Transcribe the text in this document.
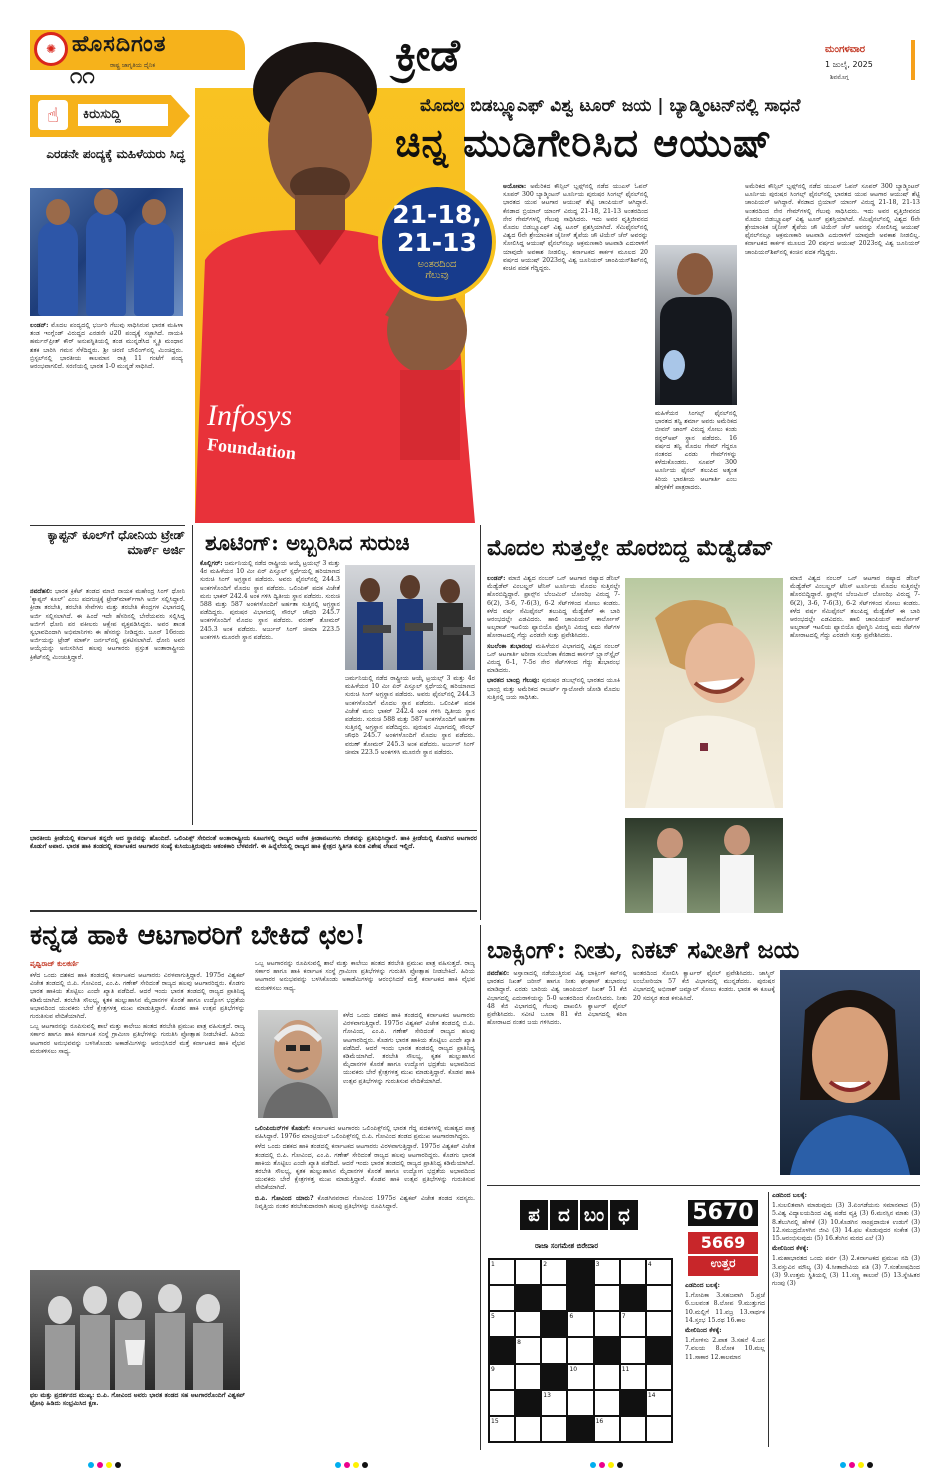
✺ ಹೊಸದಿಗಂತ
ರಾಷ್ಟ್ರ ಜಾಗೃತಿಯ ದೈನಿಕ
೧೧	ಕ್ರೀಡೆ	ಮಂಗಳವಾರ
1 ಜುಲೈ, 2025
ಶಿವಮೊಗ್ಗ
Infosys
Foundation
ಮೊದಲ ಬಿಡಬ್ಲ್ಯೂಎಫ್ ವಿಶ್ವ ಟೂರ್ ಜಯ | ಬ್ಯಾಡ್ಮಿಂಟನ್‌ನಲ್ಲಿ ಸಾಧನೆ
ಚಿನ್ನ ಮುಡಿಗೇರಿಸಿದ ಆಯುಷ್
21-18,
21-13
ಅಂತರದಿಂದ
ಗೆಲುವು

ಅಯೋವಾ: ಅಮೆರಿಕದ ಕೌನ್ಸಿಲ್ ಬ್ಲಫ್ಸ್‌ನಲ್ಲಿ ನಡೆದ ಯುಎಸ್ ಓಪನ್ ಸೂಪರ್ 300 ಬ್ಯಾಡ್ಮಿಂಟನ್ ಟೂರ್ನಿಯ ಪುರುಷರ ಸಿಂಗಲ್ಸ್ ಫೈನಲ್‌ನಲ್ಲಿ ಭಾರತದ ಯುವ ಆಟಗಾರ ಆಯುಷ್ ಶೆಟ್ಟಿ ಚಾಂಪಿಯನ್ ಆಗಿದ್ದಾರೆ. ಕೆನಡಾದ ಬ್ರಿಯಾನ್ ಯಾಂಗ್ ವಿರುದ್ಧ 21-18, 21-13 ಅಂತರದಿಂದ ನೇರ ಗೇಮ್‌ಗಳಲ್ಲಿ ಗೆಲುವು ಸಾಧಿಸಿದರು. ಇದು ಅವರ ವೃತ್ತಿಜೀವನದ ಮೊದಲ ಬಿಡಬ್ಲ್ಯೂಎಫ್ ವಿಶ್ವ ಟೂರ್ ಪ್ರಶಸ್ತಿಯಾಗಿದೆ. ಸೆಮಿಫೈನಲ್‌ನಲ್ಲಿ ವಿಶ್ವದ 6ನೇ ಶ್ರೇಯಾಂಕಿತ ಚೈನೀಸ್ ತೈಪೆಯ ಚೌ ಟಿಯೆನ್ ಚೆನ್ ಅವರನ್ನು ಸೋಲಿಸಿದ್ದ ಆಯುಷ್ ಫೈನಲ್‌ನಲ್ಲೂ ಆಕ್ರಮಣಕಾರಿ ಆಟವಾಡಿ ಎದುರಾಳಿಗೆ ಯಾವುದೇ ಅವಕಾಶ ನೀಡಲಿಲ್ಲ. ಕರ್ನಾಟಕದ ಕಾರ್ಕಳ ಮೂಲದ 20 ವರ್ಷದ ಆಯುಷ್ 2023ರಲ್ಲಿ ವಿಶ್ವ ಜೂನಿಯರ್ ಚಾಂಪಿಯನ್‌ಶಿಪ್‌ನಲ್ಲಿ ಕಂಚಿನ ಪದಕ ಗೆದ್ದಿದ್ದರು.

ಮಹಿಳೆಯರ ಸಿಂಗಲ್ಸ್ ಫೈನಲ್‌ನಲ್ಲಿ ಭಾರತದ ತನ್ವಿ ಶರ್ಮಾ ಅವರು ಅಮೆರಿಕದ ಬೀವನ್ ಜಾಂಗ್ ವಿರುದ್ಧ ಸೋಲು ಕಂಡು ರನ್ನರ್‌ಅಪ್ ಸ್ಥಾನ ಪಡೆದರು. 16 ವರ್ಷದ ತನ್ವಿ ಮೊದಲ ಗೇಮ್ ಗೆದ್ದರೂ ನಂತರದ ಎರಡು ಗೇಮ್‌ಗಳನ್ನು ಕಳೆದುಕೊಂಡರು. ಸೂಪರ್ 300 ಟೂರ್ನಿಯ ಫೈನಲ್ ತಲುಪಿದ ಅತ್ಯಂತ ಕಿರಿಯ ಭಾರತೀಯ ಆಟಗಾರ್ತಿ ಎಂಬ ಹೆಗ್ಗಳಿಕೆಗೆ ಪಾತ್ರರಾದರು.

ಅಮೆರಿಕದ ಕೌನ್ಸಿಲ್ ಬ್ಲಫ್ಸ್‌ನಲ್ಲಿ ನಡೆದ ಯುಎಸ್ ಓಪನ್ ಸೂಪರ್ 300 ಬ್ಯಾಡ್ಮಿಂಟನ್ ಟೂರ್ನಿಯ ಪುರುಷರ ಸಿಂಗಲ್ಸ್ ಫೈನಲ್‌ನಲ್ಲಿ ಭಾರತದ ಯುವ ಆಟಗಾರ ಆಯುಷ್ ಶೆಟ್ಟಿ ಚಾಂಪಿಯನ್ ಆಗಿದ್ದಾರೆ. ಕೆನಡಾದ ಬ್ರಿಯಾನ್ ಯಾಂಗ್ ವಿರುದ್ಧ 21-18, 21-13 ಅಂತರದಿಂದ ನೇರ ಗೇಮ್‌ಗಳಲ್ಲಿ ಗೆಲುವು ಸಾಧಿಸಿದರು. ಇದು ಅವರ ವೃತ್ತಿಜೀವನದ ಮೊದಲ ಬಿಡಬ್ಲ್ಯೂಎಫ್ ವಿಶ್ವ ಟೂರ್ ಪ್ರಶಸ್ತಿಯಾಗಿದೆ. ಸೆಮಿಫೈನಲ್‌ನಲ್ಲಿ ವಿಶ್ವದ 6ನೇ ಶ್ರೇಯಾಂಕಿತ ಚೈನೀಸ್ ತೈಪೆಯ ಚೌ ಟಿಯೆನ್ ಚೆನ್ ಅವರನ್ನು ಸೋಲಿಸಿದ್ದ ಆಯುಷ್ ಫೈನಲ್‌ನಲ್ಲೂ ಆಕ್ರಮಣಕಾರಿ ಆಟವಾಡಿ ಎದುರಾಳಿಗೆ ಯಾವುದೇ ಅವಕಾಶ ನೀಡಲಿಲ್ಲ. ಕರ್ನಾಟಕದ ಕಾರ್ಕಳ ಮೂಲದ 20 ವರ್ಷದ ಆಯುಷ್ 2023ರಲ್ಲಿ ವಿಶ್ವ ಜೂನಿಯರ್ ಚಾಂಪಿಯನ್‌ಶಿಪ್‌ನಲ್ಲಿ ಕಂಚಿನ ಪದಕ ಗೆದ್ದಿದ್ದರು.

☝	ಕಿರುಸುದ್ದಿ
ಎರಡನೇ ಪಂದ್ಯಕ್ಕೆ ಮಹಿಳೆಯರು ಸಿದ್ಧ

ಲಂಡನ್: ಮೊದಲ ಪಂದ್ಯದಲ್ಲಿ ಭರ್ಜರಿ ಗೆಲುವು ಸಾಧಿಸಿರುವ ಭಾರತ ಮಹಿಳಾ ತಂಡ ಇಂಗ್ಲೆಂಡ್ ವಿರುದ್ಧದ ಎರಡನೇ ಟಿ20 ಪಂದ್ಯಕ್ಕೆ ಸಜ್ಜಾಗಿದೆ. ನಾಯಕಿ ಹರ್ಮನ್‌ಪ್ರೀತ್ ಕೌರ್ ಅನುಪಸ್ಥಿತಿಯಲ್ಲಿ ತಂಡ ಮುನ್ನಡೆಸಿದ ಸ್ಮೃತಿ ಮಂಧಾನ ಶತಕ ಬಾರಿಸಿ ಗಮನ ಸೆಳೆದಿದ್ದರು. ಶ್ರೀ ಚರಣಿ ಬೌಲಿಂಗ್‌ನಲ್ಲಿ ಮಿಂಚಿದ್ದರು. ಬ್ರಿಸ್ಟಲ್‌ನಲ್ಲಿ ಭಾರತೀಯ ಕಾಲಮಾನ ರಾತ್ರಿ 11 ಗಂಟೆಗೆ ಪಂದ್ಯ ಆರಂಭವಾಗಲಿದೆ. ಸರಣಿಯಲ್ಲಿ ಭಾರತ 1-0 ಮುನ್ನಡೆ ಸಾಧಿಸಿದೆ.

ಕ್ಯಾಪ್ಟನ್ ಕೂಲ್‌ಗೆ ಧೋನಿಯ ಟ್ರೇಡ್ ಮಾರ್ಕ್ ಅರ್ಜಿ

ನವದೆಹಲಿ: ಭಾರತ ಕ್ರಿಕೆಟ್ ತಂಡದ ಮಾಜಿ ನಾಯಕ ಮಹೇಂದ್ರ ಸಿಂಗ್ ಧೋನಿ 'ಕ್ಯಾಪ್ಟನ್ ಕೂಲ್' ಎಂಬ ಪದಗುಚ್ಛಕ್ಕೆ ಟ್ರೇಡ್‌ಮಾರ್ಕ್‌ಗಾಗಿ ಅರ್ಜಿ ಸಲ್ಲಿಸಿದ್ದಾರೆ. ಕ್ರೀಡಾ ತರಬೇತಿ, ತರಬೇತಿ ಸೇವೆಗಳು ಮತ್ತು ತರಬೇತಿ ಕೇಂದ್ರಗಳ ವಿಭಾಗದಲ್ಲಿ ಅರ್ಜಿ ಸಲ್ಲಿಸಲಾಗಿದೆ. ಈ ಹಿಂದೆ ಇದೇ ಹೆಸರಿನಲ್ಲಿ ಬೇರೆಯವರು ಸಲ್ಲಿಸಿದ್ದ ಅರ್ಜಿಗೆ ಧೋನಿ ಪರ ವಕೀಲರು ಆಕ್ಷೇಪ ವ್ಯಕ್ತಪಡಿಸಿದ್ದರು. ಅವರ ಶಾಂತ ಸ್ವಭಾವದಿಂದಾಗಿ ಅಭಿಮಾನಿಗಳು ಈ ಹೆಸರನ್ನು ನೀಡಿದ್ದರು. ಜೂನ್ 16ರಂದು ಅರ್ಜಿಯನ್ನು ಟ್ರೇಡ್ ಮಾರ್ಕ್ ಜರ್ನಲ್‌ನಲ್ಲಿ ಪ್ರಕಟಿಸಲಾಗಿದೆ. ಧೋನಿ ಅವರ ಆಯ್ಕೆಯನ್ನು ಅನುಸರಿಸಿದ ಹಲವು ಆಟಗಾರರು ಪ್ರಸ್ತುತ ಅಂತಾರಾಷ್ಟ್ರೀಯ ಕ್ರಿಕೆಟ್‌ನಲ್ಲಿ ಮಿಂಚುತ್ತಿದ್ದಾರೆ.

ಶೂಟಿಂಗ್: ಅಬ್ಬರಿಸಿದ ಸುರುಚಿ

ಕೊಲ್ಲಿಗರ್: ಜರ್ಮನಿಯಲ್ಲಿ ನಡೆದ ರಾಷ್ಟ್ರೀಯ ಆಯ್ಕೆ ಟ್ರಯಲ್ಸ್ 3 ಮತ್ತು 4ರ ಮಹಿಳೆಯರ 10 ಮೀ ಏರ್ ಪಿಸ್ತೂಲ್ ಸ್ಪರ್ಧೆಯಲ್ಲಿ ಹರಿಯಾಣದ ಸುರುಚಿ ಸಿಂಗ್ ಅಗ್ರಸ್ಥಾನ ಪಡೆದರು. ಅವರು ಫೈನಲ್‌ನಲ್ಲಿ 244.3 ಅಂಕಗಳೊಂದಿಗೆ ಮೊದಲ ಸ್ಥಾನ ಪಡೆದರು. ಒಲಿಂಪಿಕ್ ಪದಕ ವಿಜೇತೆ ಮನು ಭಾಕರ್ 242.4 ಅಂಕ ಗಳಿಸಿ ದ್ವಿತೀಯ ಸ್ಥಾನ ಪಡೆದರು. ಸುರುಚಿ 588 ಮತ್ತು 587 ಅಂಕಗಳೊಂದಿಗೆ ಅರ್ಹತಾ ಸುತ್ತಿನಲ್ಲಿ ಅಗ್ರಸ್ಥಾನ ಪಡೆದಿದ್ದರು. ಪುರುಷರ ವಿಭಾಗದಲ್ಲಿ ಸೌರಭ್ ಚೌಧರಿ 245.7 ಅಂಕಗಳೊಂದಿಗೆ ಮೊದಲ ಸ್ಥಾನ ಪಡೆದರು. ವರುಣ್ ತೋಮರ್ 245.3 ಅಂಕ ಪಡೆದರು. ಅರ್ಜುನ್ ಸಿಂಗ್ ಚೀಮಾ 223.5 ಅಂಕಗಳಿಸಿ ಮೂರನೇ ಸ್ಥಾನ ಪಡೆದರು.

ಜರ್ಮನಿಯಲ್ಲಿ ನಡೆದ ರಾಷ್ಟ್ರೀಯ ಆಯ್ಕೆ ಟ್ರಯಲ್ಸ್ 3 ಮತ್ತು 4ರ ಮಹಿಳೆಯರ 10 ಮೀ ಏರ್ ಪಿಸ್ತೂಲ್ ಸ್ಪರ್ಧೆಯಲ್ಲಿ ಹರಿಯಾಣದ ಸುರುಚಿ ಸಿಂಗ್ ಅಗ್ರಸ್ಥಾನ ಪಡೆದರು. ಅವರು ಫೈನಲ್‌ನಲ್ಲಿ 244.3 ಅಂಕಗಳೊಂದಿಗೆ ಮೊದಲ ಸ್ಥಾನ ಪಡೆದರು. ಒಲಿಂಪಿಕ್ ಪದಕ ವಿಜೇತೆ ಮನು ಭಾಕರ್ 242.4 ಅಂಕ ಗಳಿಸಿ ದ್ವಿತೀಯ ಸ್ಥಾನ ಪಡೆದರು. ಸುರುಚಿ 588 ಮತ್ತು 587 ಅಂಕಗಳೊಂದಿಗೆ ಅರ್ಹತಾ ಸುತ್ತಿನಲ್ಲಿ ಅಗ್ರಸ್ಥಾನ ಪಡೆದಿದ್ದರು. ಪುರುಷರ ವಿಭಾಗದಲ್ಲಿ ಸೌರಭ್ ಚೌಧರಿ 245.7 ಅಂಕಗಳೊಂದಿಗೆ ಮೊದಲ ಸ್ಥಾನ ಪಡೆದರು. ವರುಣ್ ತೋಮರ್ 245.3 ಅಂಕ ಪಡೆದರು. ಅರ್ಜುನ್ ಸಿಂಗ್ ಚೀಮಾ 223.5 ಅಂಕಗಳಿಸಿ ಮೂರನೇ ಸ್ಥಾನ ಪಡೆದರು.

ಮೊದಲ ಸುತ್ತಲ್ಲೇ ಹೊರಬಿದ್ದ ಮೆಡ್ವೆಡೆವ್

ಲಂಡನ್: ಮಾಜಿ ವಿಶ್ವದ ನಂಬರ್ ಒನ್ ಆಟಗಾರ ರಷ್ಯಾದ ಡೆನಿಲ್ ಮೆಡ್ವೆಡೆವ್ ವಿಂಬಲ್ಡನ್ ಟೆನಿಸ್ ಟೂರ್ನಿಯ ಮೊದಲ ಸುತ್ತಿನಲ್ಲೇ ಹೊರಬಿದ್ದಿದ್ದಾರೆ. ಫ್ರಾನ್ಸ್‌ನ ಬೆಂಜಮಿನ್ ಬೋಂಝಿ ವಿರುದ್ಧ 7-6(2), 3-6, 7-6(3), 6-2 ಸೆಟ್‌ಗಳಿಂದ ಸೋಲು ಕಂಡರು. ಕಳೆದ ವರ್ಷ ಸೆಮಿಫೈನಲ್ ತಲುಪಿದ್ದ ಮೆಡ್ವೆಡೆವ್ ಈ ಬಾರಿ ಆರಂಭದಲ್ಲೇ ಎಡವಿದರು. ಹಾಲಿ ಚಾಂಪಿಯನ್ ಕಾರ್ಲೋಸ್ ಅಲ್ಕರಾಜ್ ಇಟಲಿಯ ಫ್ಯಾಬಿಯೊ ಫೋಗ್ನಿನಿ ವಿರುದ್ಧ ಐದು ಸೆಟ್‌ಗಳ ಹೋರಾಟದಲ್ಲಿ ಗೆದ್ದು ಎರಡನೇ ಸುತ್ತು ಪ್ರವೇಶಿಸಿದರು.

ಸಬಲೆಂಕಾ ಶುಭಾರಂಭ ಮಹಿಳೆಯರ ವಿಭಾಗದಲ್ಲಿ ವಿಶ್ವದ ನಂಬರ್ ಒನ್ ಆಟಗಾರ್ತಿ ಅರೀನಾ ಸಬಲೆಂಕಾ ಕೆನಡಾದ ಕಾರ್ಸನ್ ಬ್ರ್ಯಾನ್‌ಸ್ಟೈನ್ ವಿರುದ್ಧ 6-1, 7-5ರ ನೇರ ಸೆಟ್‌ಗಳಿಂದ ಗೆದ್ದು ಶುಭಾರಂಭ ಮಾಡಿದರು.

ಭಾರತದ ಬಾಂಬ್ರಿ ಗೆಲುವು: ಪುರುಷರ ಡಬಲ್ಸ್‌ನಲ್ಲಿ ಭಾರತದ ಯೂಕಿ ಭಾಂಬ್ರಿ ಮತ್ತು ಅಮೆರಿಕದ ರಾಬರ್ಟ್ ಗ್ಯಾಲೋವೇ ಜೋಡಿ ಮೊದಲ ಸುತ್ತಿನಲ್ಲಿ ಜಯ ಸಾಧಿಸಿತು.

ಮಾಜಿ ವಿಶ್ವದ ನಂಬರ್ ಒನ್ ಆಟಗಾರ ರಷ್ಯಾದ ಡೆನಿಲ್ ಮೆಡ್ವೆಡೆವ್ ವಿಂಬಲ್ಡನ್ ಟೆನಿಸ್ ಟೂರ್ನಿಯ ಮೊದಲ ಸುತ್ತಿನಲ್ಲೇ ಹೊರಬಿದ್ದಿದ್ದಾರೆ. ಫ್ರಾನ್ಸ್‌ನ ಬೆಂಜಮಿನ್ ಬೋಂಝಿ ವಿರುದ್ಧ 7-6(2), 3-6, 7-6(3), 6-2 ಸೆಟ್‌ಗಳಿಂದ ಸೋಲು ಕಂಡರು. ಕಳೆದ ವರ್ಷ ಸೆಮಿಫೈನಲ್ ತಲುಪಿದ್ದ ಮೆಡ್ವೆಡೆವ್ ಈ ಬಾರಿ ಆರಂಭದಲ್ಲೇ ಎಡವಿದರು. ಹಾಲಿ ಚಾಂಪಿಯನ್ ಕಾರ್ಲೋಸ್ ಅಲ್ಕರಾಜ್ ಇಟಲಿಯ ಫ್ಯಾಬಿಯೊ ಫೋಗ್ನಿನಿ ವಿರುದ್ಧ ಐದು ಸೆಟ್‌ಗಳ ಹೋರಾಟದಲ್ಲಿ ಗೆದ್ದು ಎರಡನೇ ಸುತ್ತು ಪ್ರವೇಶಿಸಿದರು.

ಭಾರತೀಯ ಕ್ರೀಡೆಯಲ್ಲಿ ಕರ್ನಾಟಕ ತನ್ನದೇ ಆದ ಸ್ಥಾನವನ್ನು ಹೊಂದಿದೆ. ಒಲಿಂಪಿಕ್ಸ್ ಸೇರಿದಂತೆ ಅಂತಾರಾಷ್ಟ್ರೀಯ ಕೂಟಗಳಲ್ಲಿ ರಾಜ್ಯದ ಅನೇಕ ಕ್ರೀಡಾಪಟುಗಳು ದೇಶವನ್ನು ಪ್ರತಿನಿಧಿಸಿದ್ದಾರೆ. ಹಾಕಿ ಕ್ರೀಡೆಯಲ್ಲಿ ಕೊಡಗಿನ ಆಟಗಾರರ ಕೊಡುಗೆ ಅಪಾರ. ಭಾರತ ಹಾಕಿ ತಂಡದಲ್ಲಿ ಕರ್ನಾಟಕದ ಆಟಗಾರರ ಸಂಖ್ಯೆ ಕುಸಿಯುತ್ತಿರುವುದು ಆತಂಕಕಾರಿ ಬೆಳವಣಿಗೆ. ಈ ಹಿನ್ನೆಲೆಯಲ್ಲಿ ರಾಜ್ಯದ ಹಾಕಿ ಕ್ಷೇತ್ರದ ಸ್ಥಿತಿಗತಿ ಕುರಿತ ವಿಶೇಷ ಲೇಖನ ಇಲ್ಲಿದೆ.

ಕನ್ನಡ ಹಾಕಿ ಆಟಗಾರರಿಗೆ ಬೇಕಿದೆ ಛಲ!
ಪೃಥ್ವಿರಾಜ್ ಕುಲಕರ್ಣಿ

ಕಳೆದ ಒಂದು ದಶಕದ ಹಾಕಿ ತಂಡದಲ್ಲಿ ಕರ್ನಾಟಕದ ಆಟಗಾರರು ವಿರಳವಾಗುತ್ತಿದ್ದಾರೆ. 1975ರ ವಿಶ್ವಕಪ್ ವಿಜೇತ ತಂಡದಲ್ಲಿ ಬಿ.ಪಿ. ಗೋವಿಂದ, ಎಂ.ಪಿ. ಗಣೇಶ್ ಸೇರಿದಂತೆ ರಾಜ್ಯದ ಹಲವು ಆಟಗಾರರಿದ್ದರು. ಕೊಡಗು ಭಾರತ ಹಾಕಿಯ ತೊಟ್ಟಿಲು ಎಂದೇ ಖ್ಯಾತಿ ಪಡೆದಿದೆ. ಆದರೆ ಇಂದು ಭಾರತ ತಂಡದಲ್ಲಿ ರಾಜ್ಯದ ಪ್ರಾತಿನಿಧ್ಯ ಕಡಿಮೆಯಾಗಿದೆ. ತರಬೇತಿ ಸೌಲಭ್ಯ, ಕೃತಕ ಹುಲ್ಲುಹಾಸಿನ ಮೈದಾನಗಳ ಕೊರತೆ ಹಾಗೂ ಉದ್ಯೋಗ ಭದ್ರತೆಯ ಅಭಾವದಿಂದ ಯುವಕರು ಬೇರೆ ಕ್ಷೇತ್ರಗಳತ್ತ ಮುಖ ಮಾಡುತ್ತಿದ್ದಾರೆ. ಕೊಡವ ಹಾಕಿ ಉತ್ಸವ ಪ್ರತಿಭೆಗಳನ್ನು ಗುರುತಿಸುವ ವೇದಿಕೆಯಾಗಿದೆ.

ಒಬ್ಬ ಆಟಗಾರನನ್ನು ರೂಪಿಸುವಲ್ಲಿ ಶಾಲೆ ಮತ್ತು ಕಾಲೇಜು ಹಂತದ ತರಬೇತಿ ಪ್ರಮುಖ ಪಾತ್ರ ವಹಿಸುತ್ತದೆ. ರಾಜ್ಯ ಸರ್ಕಾರ ಹಾಗೂ ಹಾಕಿ ಕರ್ನಾಟಕ ಸಂಸ್ಥೆ ಗ್ರಾಮೀಣ ಪ್ರತಿಭೆಗಳನ್ನು ಗುರುತಿಸಿ ಪ್ರೋತ್ಸಾಹ ನೀಡಬೇಕಿದೆ. ಹಿರಿಯ ಆಟಗಾರರ ಅನುಭವವನ್ನು ಬಳಸಿಕೊಂಡು ಅಕಾಡೆಮಿಗಳನ್ನು ಆರಂಭಿಸಿದರೆ ಮತ್ತೆ ಕರ್ನಾಟಕದ ಹಾಕಿ ವೈಭವ ಮರುಕಳಿಸಲು ಸಾಧ್ಯ.

ಒಬ್ಬ ಆಟಗಾರನನ್ನು ರೂಪಿಸುವಲ್ಲಿ ಶಾಲೆ ಮತ್ತು ಕಾಲೇಜು ಹಂತದ ತರಬೇತಿ ಪ್ರಮುಖ ಪಾತ್ರ ವಹಿಸುತ್ತದೆ. ರಾಜ್ಯ ಸರ್ಕಾರ ಹಾಗೂ ಹಾಕಿ ಕರ್ನಾಟಕ ಸಂಸ್ಥೆ ಗ್ರಾಮೀಣ ಪ್ರತಿಭೆಗಳನ್ನು ಗುರುತಿಸಿ ಪ್ರೋತ್ಸಾಹ ನೀಡಬೇಕಿದೆ. ಹಿರಿಯ ಆಟಗಾರರ ಅನುಭವವನ್ನು ಬಳಸಿಕೊಂಡು ಅಕಾಡೆಮಿಗಳನ್ನು ಆರಂಭಿಸಿದರೆ ಮತ್ತೆ ಕರ್ನಾಟಕದ ಹಾಕಿ ವೈಭವ ಮರುಕಳಿಸಲು ಸಾಧ್ಯ.

ಕಳೆದ ಒಂದು ದಶಕದ ಹಾಕಿ ತಂಡದಲ್ಲಿ ಕರ್ನಾಟಕದ ಆಟಗಾರರು ವಿರಳವಾಗುತ್ತಿದ್ದಾರೆ. 1975ರ ವಿಶ್ವಕಪ್ ವಿಜೇತ ತಂಡದಲ್ಲಿ ಬಿ.ಪಿ. ಗೋವಿಂದ, ಎಂ.ಪಿ. ಗಣೇಶ್ ಸೇರಿದಂತೆ ರಾಜ್ಯದ ಹಲವು ಆಟಗಾರರಿದ್ದರು. ಕೊಡಗು ಭಾರತ ಹಾಕಿಯ ತೊಟ್ಟಿಲು ಎಂದೇ ಖ್ಯಾತಿ ಪಡೆದಿದೆ. ಆದರೆ ಇಂದು ಭಾರತ ತಂಡದಲ್ಲಿ ರಾಜ್ಯದ ಪ್ರಾತಿನಿಧ್ಯ ಕಡಿಮೆಯಾಗಿದೆ. ತರಬೇತಿ ಸೌಲಭ್ಯ, ಕೃತಕ ಹುಲ್ಲುಹಾಸಿನ ಮೈದಾನಗಳ ಕೊರತೆ ಹಾಗೂ ಉದ್ಯೋಗ ಭದ್ರತೆಯ ಅಭಾವದಿಂದ ಯುವಕರು ಬೇರೆ ಕ್ಷೇತ್ರಗಳತ್ತ ಮುಖ ಮಾಡುತ್ತಿದ್ದಾರೆ. ಕೊಡವ ಹಾಕಿ ಉತ್ಸವ ಪ್ರತಿಭೆಗಳನ್ನು ಗುರುತಿಸುವ ವೇದಿಕೆಯಾಗಿದೆ.

ಒಲಿಂಪಿಯನ್‌ಗಳ ಕೊಡುಗೆ: ಕರ್ನಾಟಕದ ಆಟಗಾರರು ಒಲಿಂಪಿಕ್ಸ್‌ನಲ್ಲಿ ಭಾರತ ಗೆದ್ದ ಪದಕಗಳಲ್ಲಿ ಮಹತ್ವದ ಪಾತ್ರ ವಹಿಸಿದ್ದಾರೆ. 1976ರ ಮಾಂಟ್ರಿಯಲ್ ಒಲಿಂಪಿಕ್ಸ್‌ನಲ್ಲಿ ಬಿ.ಪಿ. ಗೋವಿಂದ ತಂಡದ ಪ್ರಮುಖ ಆಟಗಾರರಾಗಿದ್ದರು.

ಕಳೆದ ಒಂದು ದಶಕದ ಹಾಕಿ ತಂಡದಲ್ಲಿ ಕರ್ನಾಟಕದ ಆಟಗಾರರು ವಿರಳವಾಗುತ್ತಿದ್ದಾರೆ. 1975ರ ವಿಶ್ವಕಪ್ ವಿಜೇತ ತಂಡದಲ್ಲಿ ಬಿ.ಪಿ. ಗೋವಿಂದ, ಎಂ.ಪಿ. ಗಣೇಶ್ ಸೇರಿದಂತೆ ರಾಜ್ಯದ ಹಲವು ಆಟಗಾರರಿದ್ದರು. ಕೊಡಗು ಭಾರತ ಹಾಕಿಯ ತೊಟ್ಟಿಲು ಎಂದೇ ಖ್ಯಾತಿ ಪಡೆದಿದೆ. ಆದರೆ ಇಂದು ಭಾರತ ತಂಡದಲ್ಲಿ ರಾಜ್ಯದ ಪ್ರಾತಿನಿಧ್ಯ ಕಡಿಮೆಯಾಗಿದೆ. ತರಬೇತಿ ಸೌಲಭ್ಯ, ಕೃತಕ ಹುಲ್ಲುಹಾಸಿನ ಮೈದಾನಗಳ ಕೊರತೆ ಹಾಗೂ ಉದ್ಯೋಗ ಭದ್ರತೆಯ ಅಭಾವದಿಂದ ಯುವಕರು ಬೇರೆ ಕ್ಷೇತ್ರಗಳತ್ತ ಮುಖ ಮಾಡುತ್ತಿದ್ದಾರೆ. ಕೊಡವ ಹಾಕಿ ಉತ್ಸವ ಪ್ರತಿಭೆಗಳನ್ನು ಗುರುತಿಸುವ ವೇದಿಕೆಯಾಗಿದೆ.

ಬಿ.ಪಿ. ಗೋವಿಂದ ಯಾರು? ಕೊಡಗಿನವರಾದ ಗೋವಿಂದ 1975ರ ವಿಶ್ವಕಪ್ ವಿಜೇತ ತಂಡದ ಸದಸ್ಯರು. ನಿವೃತ್ತಿಯ ನಂತರ ತರಬೇತುದಾರರಾಗಿ ಹಲವು ಪ್ರತಿಭೆಗಳನ್ನು ರೂಪಿಸಿದ್ದಾರೆ.

ಛಲ ಮತ್ತು ಪ್ರದರ್ಶನದ ಮುಖ್ಯ: ಬಿ.ಪಿ. ಗೋವಿಂದ ಅವರು ಭಾರತ ತಂಡದ ಸಹ ಆಟಗಾರರೊಂದಿಗೆ ವಿಶ್ವಕಪ್ ಟ್ರೋಫಿ ಹಿಡಿದು ಸಂಭ್ರಮಿಸಿದ ಕ್ಷಣ.

ಬಾಕ್ಸಿಂಗ್: ನೀತು, ನಿಕಟ್ ಸವೀತಿಗೆ ಜಯ

ನವದೆಹಲಿ: ಅಸ್ತಾನಾದಲ್ಲಿ ನಡೆಯುತ್ತಿರುವ ವಿಶ್ವ ಬಾಕ್ಸಿಂಗ್ ಕಪ್‌ನಲ್ಲಿ ಭಾರತದ ನಿಖತ್ ಜರೀನ್ ಹಾಗೂ ನೀತು ಘಂಘಾಸ್ ಶುಭಾರಂಭ ಮಾಡಿದ್ದಾರೆ. ಎರಡು ಬಾರಿಯ ವಿಶ್ವ ಚಾಂಪಿಯನ್ ನಿಖತ್ 51 ಕೆಜಿ ವಿಭಾಗದಲ್ಲಿ ಎದುರಾಳಿಯನ್ನು 5-0 ಅಂತರದಿಂದ ಸೋಲಿಸಿದರು. ನೀತು 48 ಕೆಜಿ ವಿಭಾಗದಲ್ಲಿ ಗೆಲುವು ದಾಖಲಿಸಿ ಕ್ವಾರ್ಟರ್ ಫೈನಲ್ ಪ್ರವೇಶಿಸಿದರು. ಸವೀಟಿ ಬೂರಾ 81 ಕೆಜಿ ವಿಭಾಗದಲ್ಲಿ ಕಠಿಣ ಹೋರಾಟದ ನಂತರ ಜಯ ಗಳಿಸಿದರು.

ಅಂತರದಿಂದ ಸೋಲಿಸಿ ಕ್ವಾರ್ಟರ್ ಫೈನಲ್ ಪ್ರವೇಶಿಸಿದರು. ಜಾಸ್ಮಿನ್ ಲಂಬೋರಿಯಾ 57 ಕೆಜಿ ವಿಭಾಗದಲ್ಲಿ ಮುನ್ನಡೆದರು. ಪುರುಷರ ವಿಭಾಗದಲ್ಲಿ ಅಭಿನಾಶ್ ಜಮ್ವಾಲ್ ಸೋಲು ಕಂಡರು. ಭಾರತ ಈ ಕೂಟಕ್ಕೆ 20 ಸದಸ್ಯರ ತಂಡ ಕಳುಹಿಸಿದೆ.

ಪ	ದ ಬಂ ಧ
ರಾಜಾ ಸಂಗಮೇಶ ಬಿರೇದಾರ
5670
5669
ಉತ್ತರ
1	2	3	4
5	6	7
8
9	10	11
13	14
15	16

ಎಡದಿಂದ ಬಲಕ್ಕೆ:

1.ಗೋಪಿಕಾ 3.ಸಹಜವಾಗಿ 5.ಪ್ರಜೆ 6.ಬಲವಂತ 8.ಲೋಪ 9.ಮುತ್ತುಗದ 10.ಮಲ್ಲಿಗೆ 11.ವಜ್ರ 13.ಸಾರ್ಥಕ 14.ಸ್ತಂಭ 15.ರಥ 16.ಕಾಲ

ಮೇಲಿನಿಂದ ಕೆಳಕ್ಕೆ:

1.ಗೋಳಿಸು 2.ಪಾತ 3.ಸಹನೆ 4.ಜನ 7.ವಲಯ 8.ಲೋಕ 10.ಮಲ್ಲ 11.ಸಾಕಾರ 12.ಕಾಲಮಾನ

ಎಡದಿಂದ ಬಲಕ್ಕೆ:

1.ಸುಲಲಿತವಾಗಿ ಮಾಡುವುದು (3) 3.ಏಂಗಡೆಯನು ಸಮಾನವಾದ (5) 5.ವಿಶ್ವ ವಿದ್ಯಾಲಯದಿಂದ ವಿಶ್ವ ಪಡೆದ ವ್ಯಕ್ತಿ (3) 6.ಮನಸ್ಸಿನ ಮಾತು (3) 8.ತೆಲುಗಿನಲ್ಲಿ ಹೇಳಿಕೆ (3) 10.ಕೊಡಗಿನ ಸಾಂಪ್ರದಾಯಿಕ ಉಡುಗೆ (3) 12.ಸಮುದ್ರದೊಳಗಿನ ಜೀವಿ (3) 14.ಫಲ ಕೊಡುವುದರ ಸಂಕೇತ (3) 15.ಆರಂಭಿಸುವುದು (5) 16.ತೆಂಗಿನ ಮರದ ಎಲೆ (3)

ಮೇಲಿನಿಂದ ಕೆಳಕ್ಕೆ:

1.ಮಹಾಭಾರತದ ಒಂದು ಪರ್ವ (3) 2.ಕರ್ನಾಟಕದ ಪ್ರಮುಖ ನದಿ (3) 3.ವಸ್ತುವಿನ ಮೌಲ್ಯ (3) 4.ಸೀತಾದೇವಿಯ ಪತಿ (3) 7.ಸಂತೋಷದಿಂದ (3) 9.ಉತ್ತಮ ಸ್ಥಿತಿಯಲ್ಲಿ (3) 11.ಸಣ್ಣ ಕಾಲುವೆ (5) 13.ಸ್ನೇಹಿತರ ಗುಂಪು (3)
